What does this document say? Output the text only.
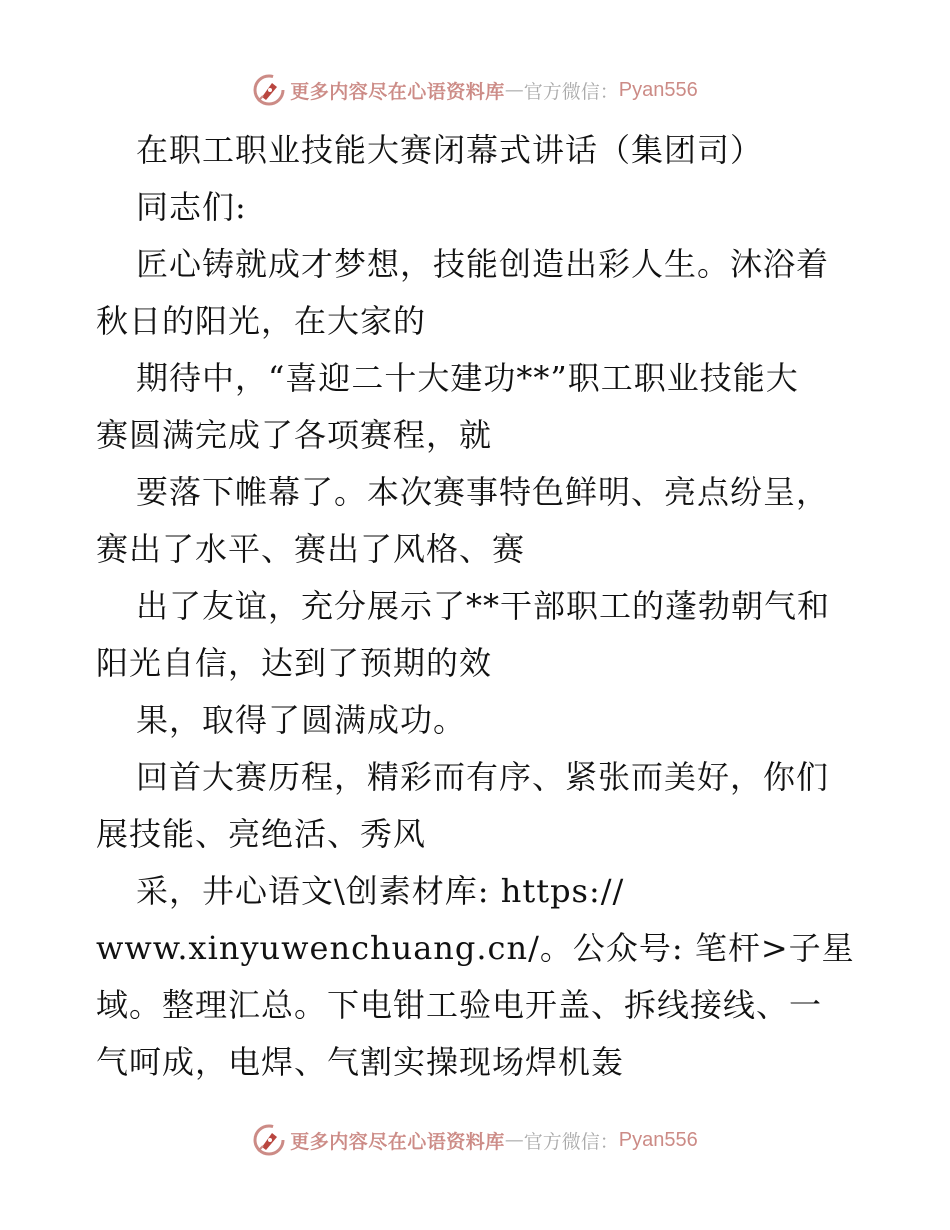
更多内容尽在心语资料库 — 官方微信： Pyan556
在职工职业技能大赛闭幕式讲话（集团司）
同志们:
匠心铸就成才梦想，技能创造出彩人生。沐浴着
秋日的阳光，在大家的
期待中，“喜迎二十大建功**”职工职业技能大
赛圆满完成了各项赛程，就
要落下帷幕了。本次赛事特色鲜明、亮点纷呈，
赛出了水平、赛出了风格、赛
出了友谊，充分展示了**干部职工的蓬勃朝气和
阳光自信，达到了预期的效
果，取得了圆满成功。
回首大赛历程，精彩而有序、紧张而美好，你们
展技能、亮绝活、秀风
采，井心语文\创素材库: https://
www.xinyuwenchuang.cn/。公众号: 笔杆>子星
域。整理汇总。下电钳工验电开盖、拆线接线、一
气呵成，电焊、气割实操现场焊机轰
更多内容尽在心语资料库 — 官方微信： Pyan556
